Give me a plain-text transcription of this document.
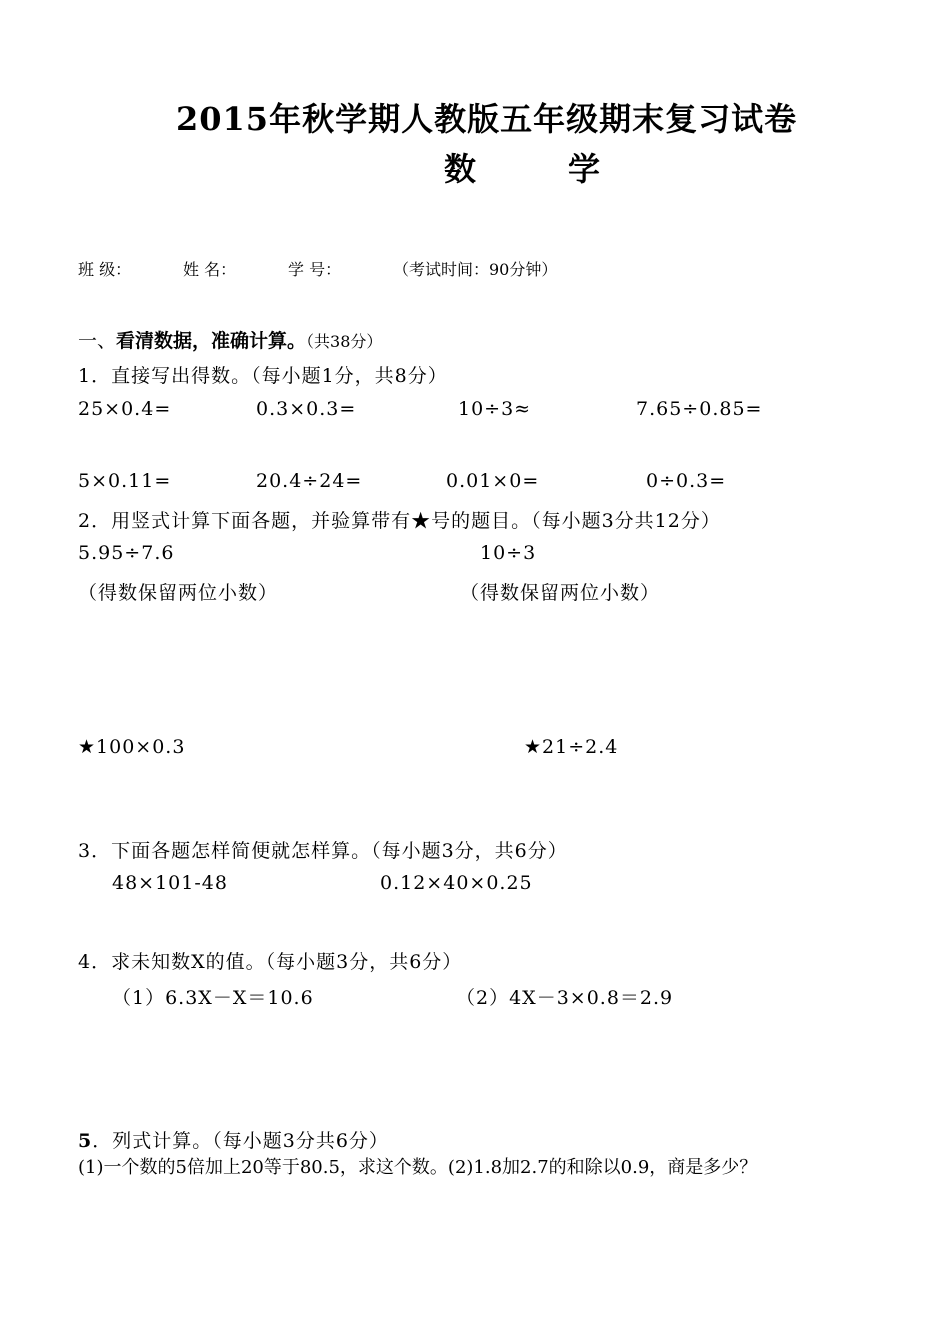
2015年秋学期人教版五年级期末复习试卷
数　学
班 级：	姓 名：	学 号：	（考试时间：90分钟）
一、看清数据，准确计算。（共38分）
1．直接写出得数。（每小题1分，共8分）
25×0.4=	0.3×0.3=	10÷3≈	7.65÷0.85=
5×0.11=	20.4÷24=	0.01×0=	0÷0.3=
2．用竖式计算下面各题，并验算带有★号的题目。（每小题3分共12分）
5.95÷7.6	10÷3
（得数保留两位小数）	（得数保留两位小数）
★100×0.3	★21÷2.4
3．下面各题怎样简便就怎样算。（每小题3分，共6分）
48×101-48	0.12×40×0.25
4．求未知数X的值。（每小题3分，共6分）
（1）6.3X－X＝10.6	（2）4X－3×0.8＝2.9
5．列式计算。（每小题3分共6分）
(1)一个数的5倍加上20等于80.5，求这个数。(2)1.8加2.7的和除以0.9，商是多少？
